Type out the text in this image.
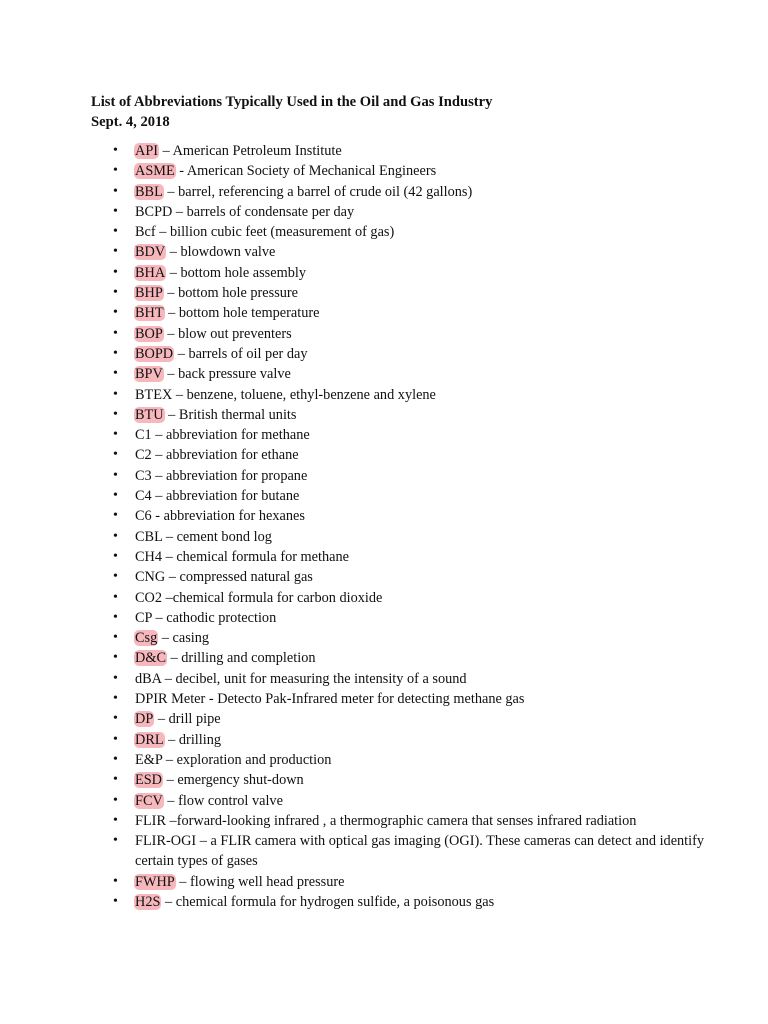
List of Abbreviations Typically Used in the Oil and Gas Industry
Sept. 4, 2018
• API – American Petroleum Institute
• ASME - American Society of Mechanical Engineers
• BBL – barrel, referencing a barrel of crude oil (42 gallons)
• BCPD – barrels of condensate per day
• Bcf – billion cubic feet (measurement of gas)
• BDV – blowdown valve
• BHA – bottom hole assembly
• BHP – bottom hole pressure
• BHT – bottom hole temperature
• BOP – blow out preventers
• BOPD – barrels of oil per day
• BPV – back pressure valve
• BTEX – benzene, toluene, ethyl-benzene and xylene
• BTU – British thermal units
• C1 – abbreviation for methane
• C2 – abbreviation for ethane
• C3 – abbreviation for propane
• C4 – abbreviation for butane
• C6 - abbreviation for hexanes
• CBL – cement bond log
• CH4 – chemical formula for methane
• CNG – compressed natural gas
• CO2 –chemical formula for carbon dioxide
• CP – cathodic protection
• Csg – casing
• D&C – drilling and completion
• dBA – decibel, unit for measuring the intensity of a sound
• DPIR Meter - Detecto Pak-Infrared meter for detecting methane gas
• DP – drill pipe
• DRL – drilling
• E&P – exploration and production
• ESD – emergency shut-down
• FCV – flow control valve
• FLIR –forward-looking infrared , a thermographic camera that senses infrared radiation
• FLIR-OGI – a FLIR camera with optical gas imaging (OGI). These cameras can detect and identify certain types of gases
• FWHP – flowing well head pressure
• H2S – chemical formula for hydrogen sulfide, a poisonous gas
